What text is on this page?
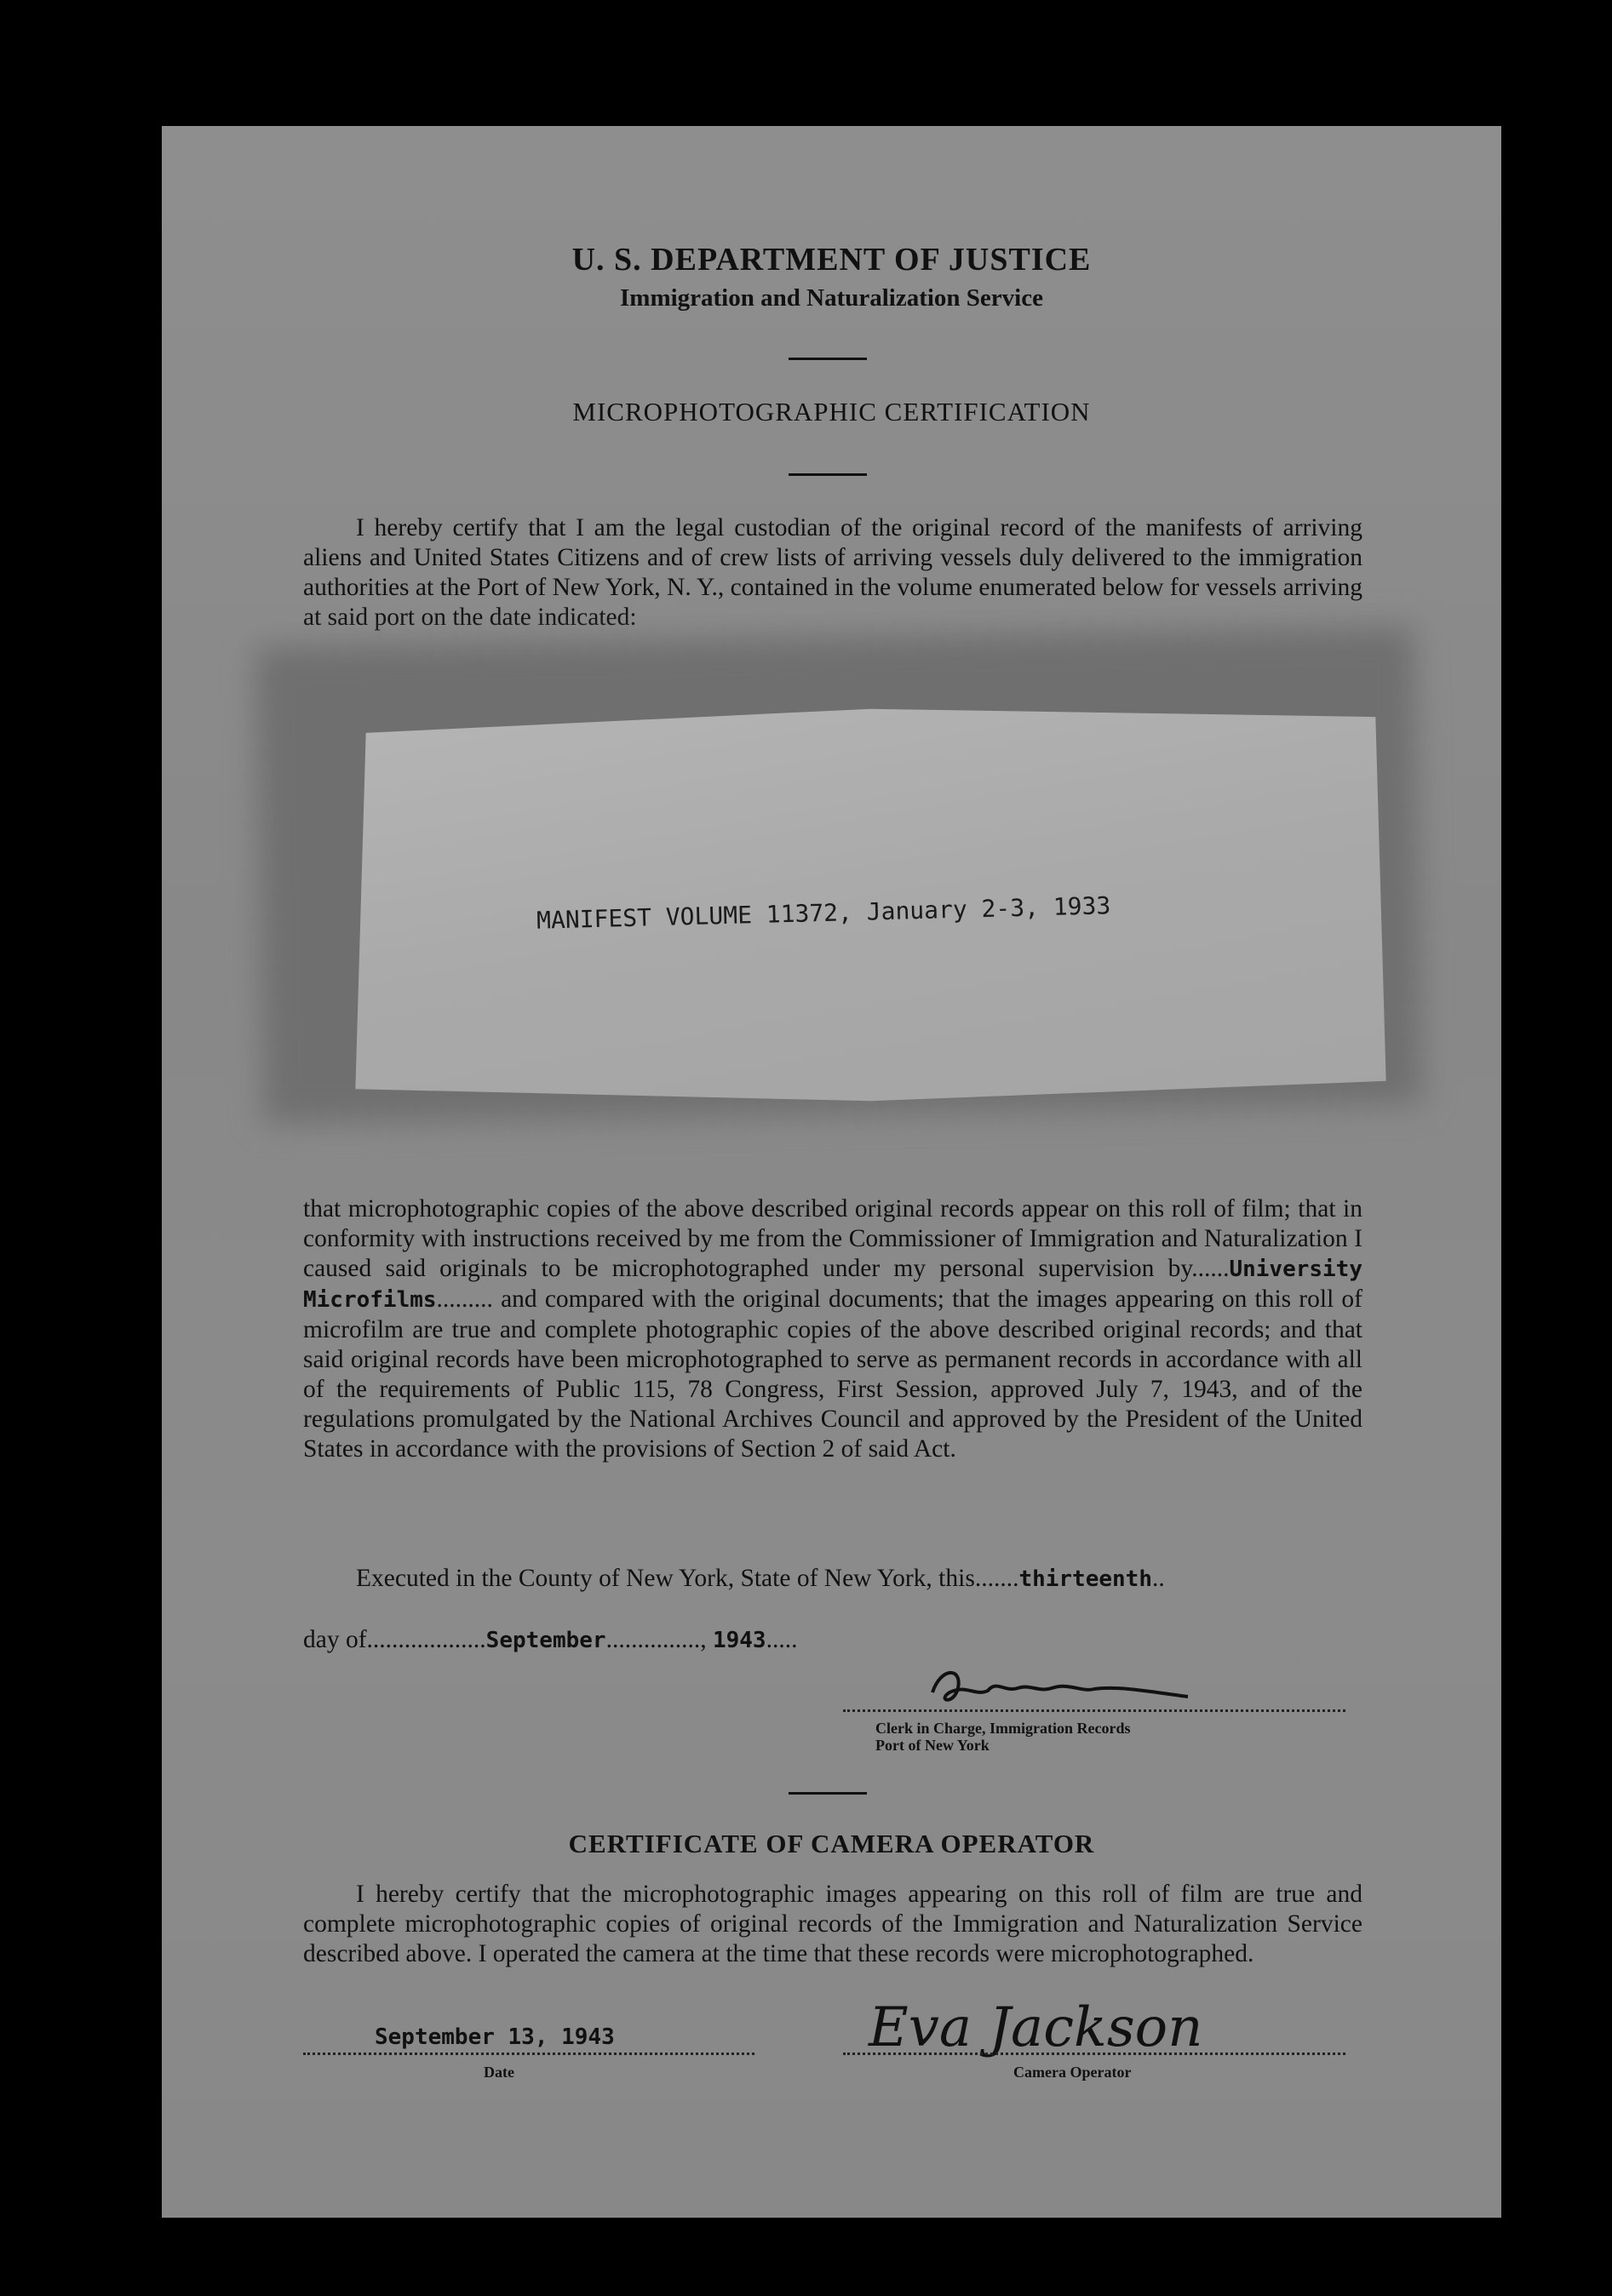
U. S. DEPARTMENT OF JUSTICE
Immigration and Naturalization Service
MICROPHOTOGRAPHIC CERTIFICATION

I hereby certify that I am the legal custodian of the original record of the manifests of arriving aliens and United States Citizens and of crew lists of arriving vessels duly delivered to the immigration authorities at the Port of New York, N. Y., contained in the volume enumerated below for vessels arriving at said port on the date indicated:

MANIFEST VOLUME 11372, January 2-3, 1933

that microphotographic copies of the above described original records appear on this roll of film; that in conformity with instructions received by me from the Commissioner of Immigration and Naturalization I caused said originals to be microphotographed under my personal supervision by......University Microfilms......... and compared with the original documents; that the images appearing on this roll of microfilm are true and complete photographic copies of the above described original records; and that said original records have been microphotographed to serve as permanent records in accordance with all of the requirements of Public 115, 78 Congress, First Session, approved July 7, 1943, and of the regulations promulgated by the National Archives Council and approved by the President of the United States in accordance with the provisions of Section 2 of said Act.

Executed in the County of New York, State of New York, this.......thirteenth..
day of...................September..............., 1943.....
Clerk in Charge, Immigration Records
Port of New York
CERTIFICATE OF CAMERA OPERATOR

I hereby certify that the microphotographic images appearing on this roll of film are true and complete microphotographic copies of original records of the Immigration and Naturalization Service described above. I operated the camera at the time that these records were microphotographed.

September 13, 1943
Date
Eva Jackson
Camera Operator
